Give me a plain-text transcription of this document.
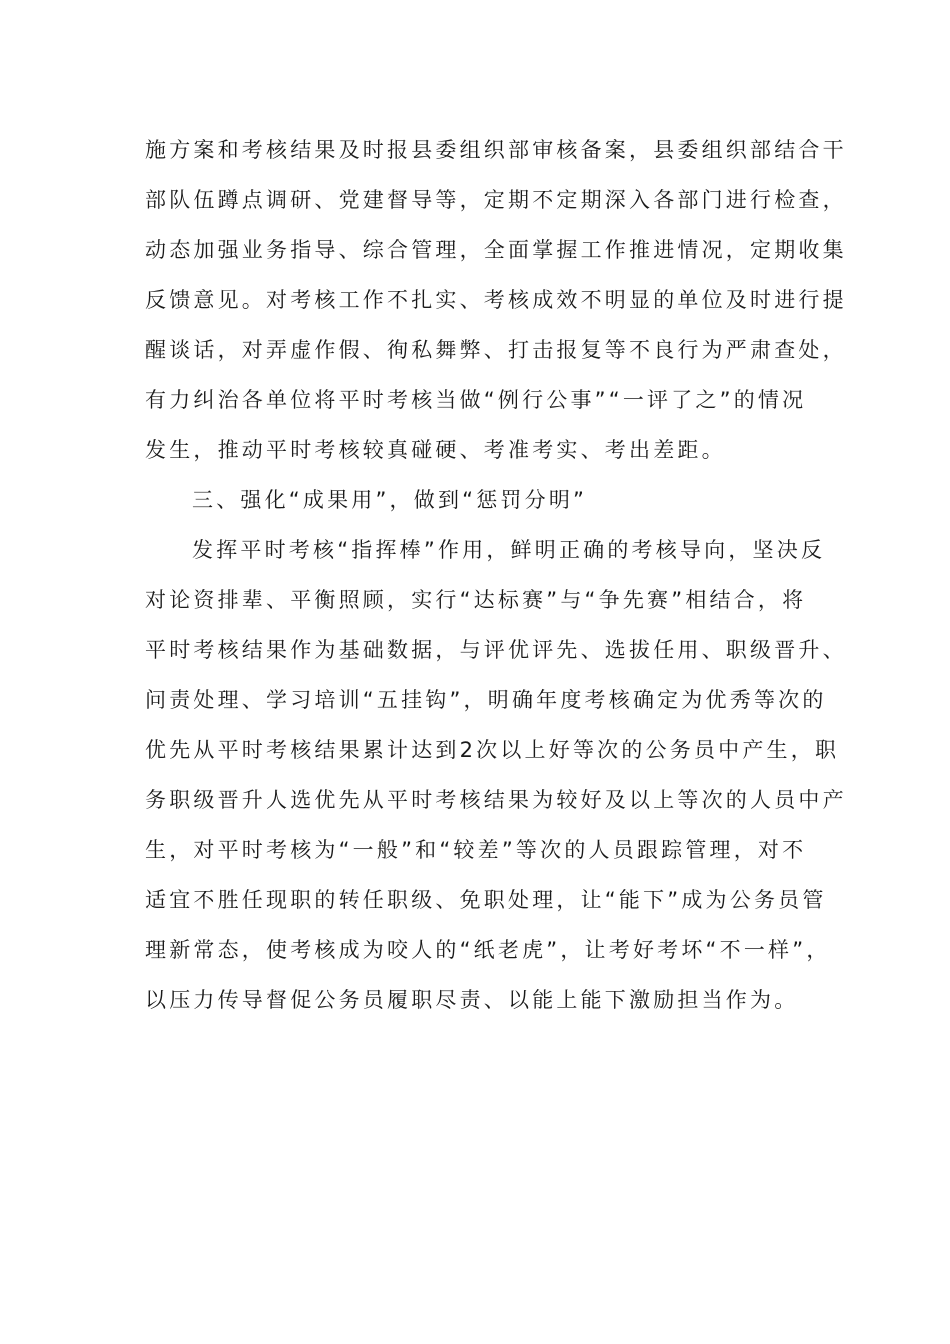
施方案和考核结果及时报县委组织部审核备案，县委组织部结合干
部队伍蹲点调研、党建督导等，定期不定期深入各部门进行检查，
动态加强业务指导、综合管理，全面掌握工作推进情况，定期收集
反馈意见。对考核工作不扎实、考核成效不明显的单位及时进行提
醒谈话，对弄虚作假、徇私舞弊、打击报复等不良行为严肃查处，
有力纠治各单位将平时考核当做“例行公事”“一评了之”的情况
发生，推动平时考核较真碰硬、考准考实、考出差距。
三、强化“成果用”，做到“惩罚分明”
发挥平时考核“指挥棒”作用，鲜明正确的考核导向，坚决反
对论资排辈、平衡照顾，实行“达标赛”与“争先赛”相结合，将
平时考核结果作为基础数据，与评优评先、选拔任用、职级晋升、
问责处理、学习培训“五挂钩”，明确年度考核确定为优秀等次的
优先从平时考核结果累计达到2次以上好等次的公务员中产生，职
务职级晋升人选优先从平时考核结果为较好及以上等次的人员中产
生，对平时考核为“一般”和“较差”等次的人员跟踪管理，对不
适宜不胜任现职的转任职级、免职处理，让“能下”成为公务员管
理新常态，使考核成为咬人的“纸老虎”，让考好考坏“不一样”，
以压力传导督促公务员履职尽责、以能上能下激励担当作为。
